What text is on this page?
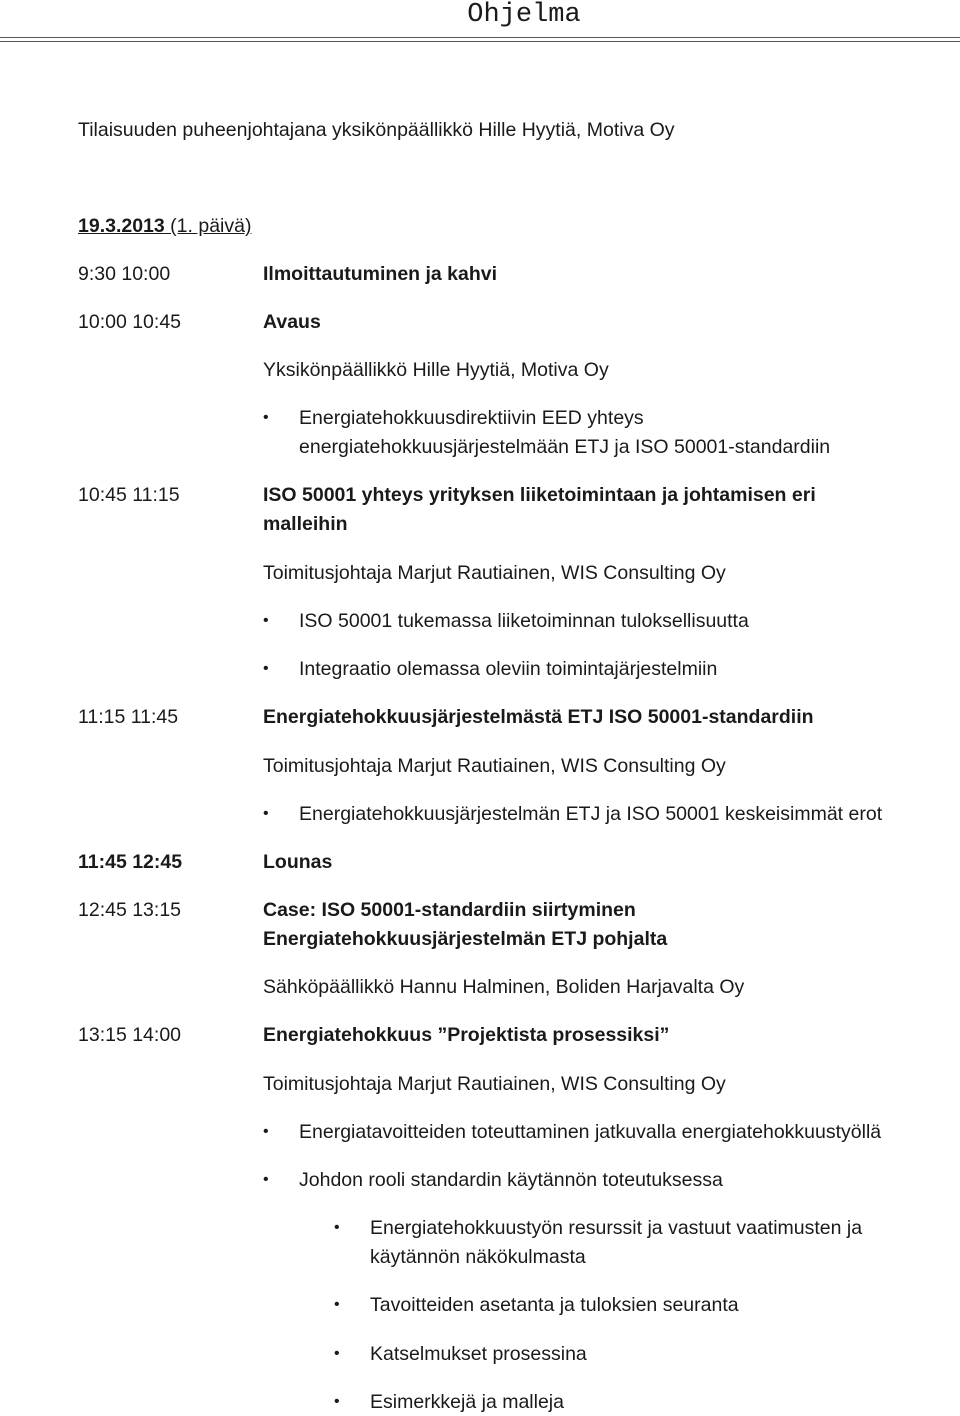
Ohjelma
Tilaisuuden puheenjohtajana yksikönpäällikkö Hille Hyytiä, Motiva Oy
19.3.2013 (1. päivä)
9:30 10:00	Ilmoittautuminen ja kahvi
10:00 10:45	Avaus
Yksikönpäällikkö Hille Hyytiä, Motiva Oy
• Energiatehokkuusdirektiivin EED yhteys
energiatehokkuusjärjestelmään ETJ ja ISO 50001-standardiin
10:45 11:15	ISO 50001 yhteys yrityksen liiketoimintaan ja johtamisen eri
malleihin
Toimitusjohtaja Marjut Rautiainen, WIS Consulting Oy
• ISO 50001 tukemassa liiketoiminnan tuloksellisuutta
• Integraatio olemassa oleviin toimintajärjestelmiin
11:15 11:45	Energiatehokkuusjärjestelmästä ETJ ISO 50001-standardiin
Toimitusjohtaja Marjut Rautiainen, WIS Consulting Oy
• Energiatehokkuusjärjestelmän ETJ ja ISO 50001 keskeisimmät erot
11:45 12:45	Lounas
12:45 13:15	Case: ISO 50001-standardiin siirtyminen
Energiatehokkuusjärjestelmän ETJ pohjalta
Sähköpäällikkö Hannu Halminen, Boliden Harjavalta Oy
13:15 14:00	Energiatehokkuus ”Projektista prosessiksi”
Toimitusjohtaja Marjut Rautiainen, WIS Consulting Oy
• Energiatavoitteiden toteuttaminen jatkuvalla energiatehokkuustyöllä
• Johdon rooli standardin käytännön toteutuksessa
• Energiatehokkuustyön resurssit ja vastuut vaatimusten ja
käytännön näkökulmasta
• Tavoitteiden asetanta ja tuloksien seuranta
• Katselmukset prosessina
• Esimerkkejä ja malleja
